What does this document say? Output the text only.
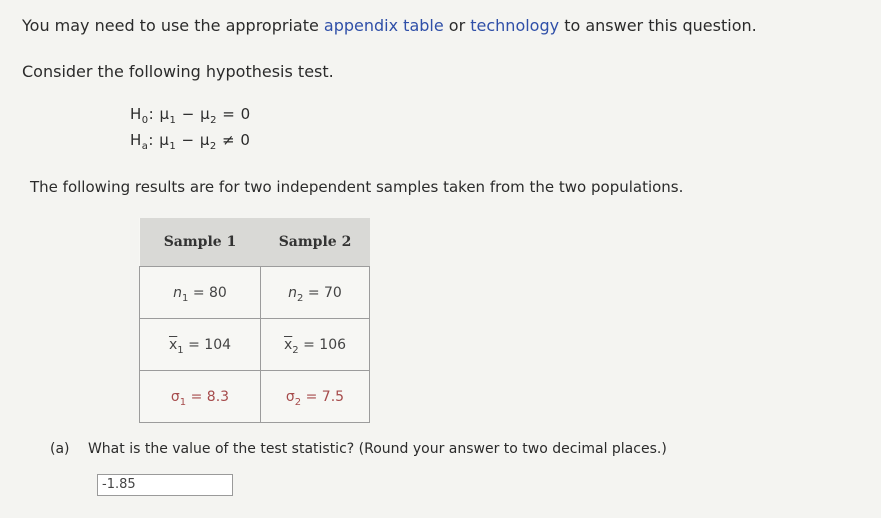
You may need to use the appropriate appendix table or technology to answer this question.
Consider the following hypothesis test.
$H_0$: $\mu_1 - \mu_2 = 0$
$H_a$: $\mu_1 - \mu_2 \ne 0$
The following results are for two independent samples taken from the two populations.
Sample 1	Sample 2
$n_1 = 80$	$n_2 = 70$
$\overline{x}_1 = 104$	$\overline{x}_2 = 106$
$\sigma_1 = 8.3$	$\sigma_2 = 7.5$
(a) What is the value of the test statistic? (Round your answer to two decimal places.)
-1.85
